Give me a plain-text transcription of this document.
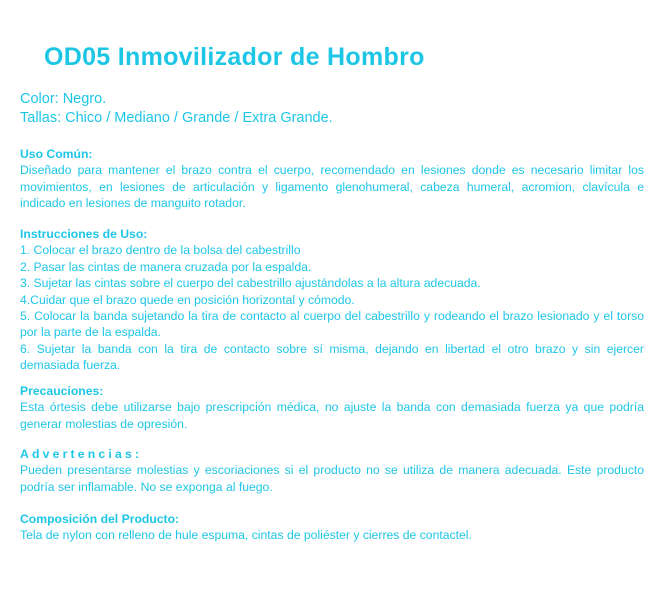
OD05 Inmovilizador de Hombro
Color: Negro.
Tallas: Chico / Mediano / Grande / Extra Grande.
Uso Común:

Diseñado para mantener el brazo contra el cuerpo, recomendado en lesiones donde es necesario limitar los movimientos, en lesiones de articulación y ligamento glenohumeral, cabeza humeral, acromion, clavícula e indicado en lesiones de manguito rotador.

Instrucciones de Uso:
1. Colocar el brazo dentro de la bolsa del cabestrillo
2. Pasar las cintas de manera cruzada por la espalda.
3. Sujetar las cintas sobre el cuerpo del cabestrillo ajustándolas a la altura adecuada.
4.Cuidar que el brazo quede en posición horizontal y cómodo.
5. Colocar la banda sujetando la tira de contacto al cuerpo del cabestrillo y rodeando el brazo lesionado y el torso por la parte de la espalda.
6. Sujetar la banda con la tira de contacto sobre sí misma, dejando en libertad el otro brazo y sin ejercer demasiada fuerza.
Precauciones:

Esta órtesis debe utilizarse bajo prescripción médica, no ajuste la banda con demasiada fuerza ya que podría generar molestias de opresión.

Advertencias:

Pueden presentarse molestias y escoriaciones si el producto no se utiliza de manera adecuada. Este producto podría ser inflamable. No se exponga al fuego.

Composición del Producto:

Tela de nylon con relleno de hule espuma, cintas de poliéster y cierres de contactel.
